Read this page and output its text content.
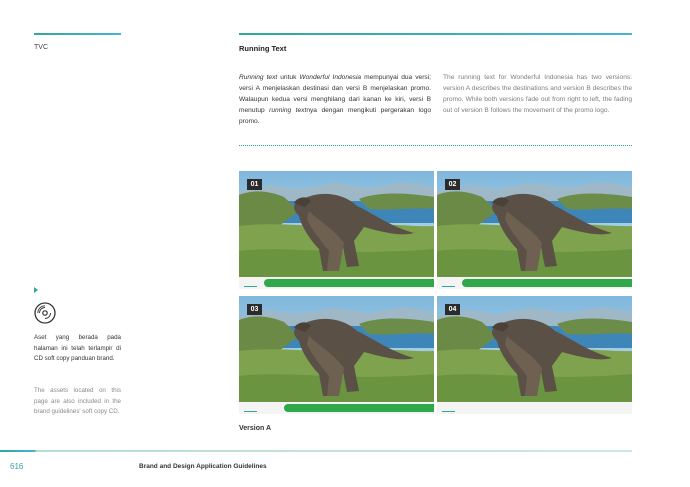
TVC	Running Text
Running text untuk Wonderful Indonesia mempunyai dua versi; versi A menjelaskan destinasi dan versi B menjelaskan promo. Walaupun kedua versi menghilang dari kanan ke kiri, versi B menutup running textnya dengan mengikuti pergerakan logo promo.
The running text for Wonderful Indonesia has two versions: version A describes the destinations and version B describes the promo. While both versions fade out from right to left, the fading out of version B follows the movement of the promo logo.
01	02
03	04
Version A
Aset yang berada pada halaman ini telah terlampir di CD soft copy panduan brand.
The assets located on this page are also included in the brand guidelines' soft copy CD.
616	Brand and Design Application Guidelines
